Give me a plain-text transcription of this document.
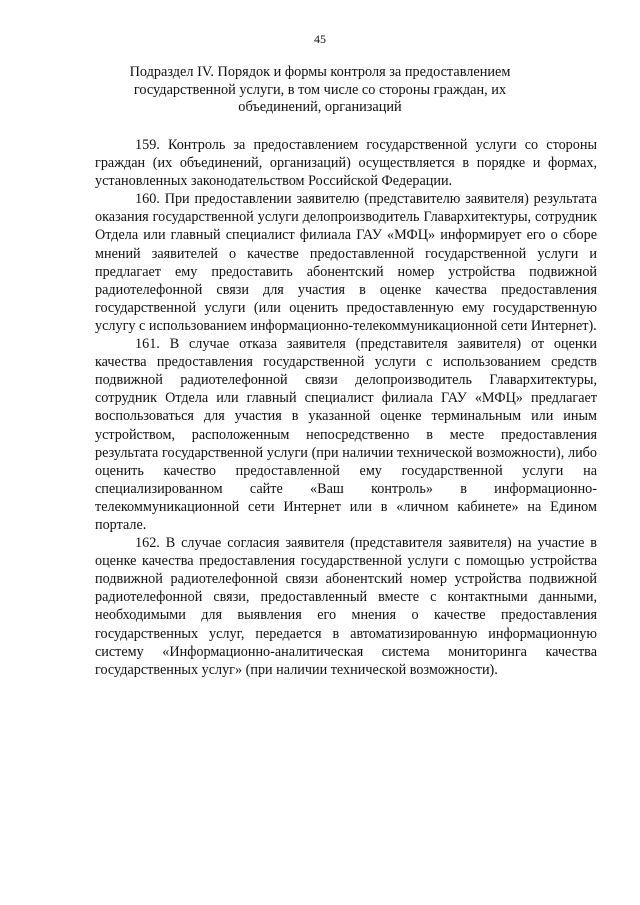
45
Подраздел IV. Порядок и формы контроля за предоставлением государственной услуги, в том числе со стороны граждан, их объединений, организаций

159. Контроль за предоставлением государственной услуги со стороны граждан (их объединений, организаций) осуществляется в порядке и формах, установленных законодательством Российской Федерации.

160. При предоставлении заявителю (представителю заявителя) результата оказания государственной услуги делопроизводитель Главархитектуры, сотрудник Отдела или главный специалист филиала ГАУ «МФЦ» информирует его о сборе мнений заявителей о качестве предоставленной государственной услуги и предлагает ему предоставить абонентский номер устройства подвижной радиотелефонной связи для участия в оценке качества предоставления государственной услуги (или оценить предоставленную ему государственную услугу с использованием информационно-телекоммуникационной сети Интернет).

161. В случае отказа заявителя (представителя заявителя) от оценки качества предоставления государственной услуги с использованием средств подвижной радиотелефонной связи делопроизводитель Главархитектуры, сотрудник Отдела или главный специалист филиала ГАУ «МФЦ» предлагает воспользоваться для участия в указанной оценке терминальным или иным устройством, расположенным непосредственно в месте предоставления результата государственной услуги (при наличии технической возможности), либо оценить качество предоставленной ему государственной услуги на специализированном сайте «Ваш контроль» в информационно-телекоммуникационной сети Интернет или в «личном кабинете» на Едином портале.

162. В случае согласия заявителя (представителя заявителя) на участие в оценке качества предоставления государственной услуги с помощью устройства подвижной радиотелефонной связи абонентский номер устройства подвижной радиотелефонной связи, предоставленный вместе с контактными данными, необходимыми для выявления его мнения о качестве предоставления государственных услуг, передается в автоматизированную информационную систему «Информационно-аналитическая система мониторинга качества государственных услуг» (при наличии технической возможности).
